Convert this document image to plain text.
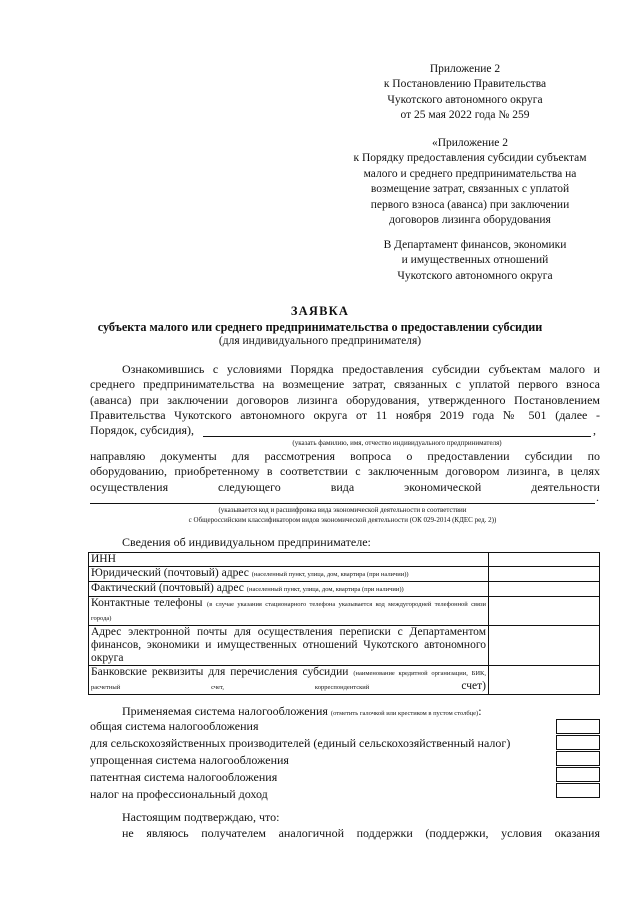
Приложение 2
к Постановлению Правительства
Чукотского автономного округа
от 25 мая 2022 года № 259
«Приложение 2
к Порядку предоставления субсидии субъектам
малого и среднего предпринимательства на
возмещение затрат, связанных с уплатой
первого взноса (аванса) при заключении
договоров лизинга оборудования
В Департамент финансов, экономики
и имущественных отношений
Чукотского автономного округа
ЗАЯВКА
субъекта малого или среднего предпринимательства о предоставлении субсидии
(для индивидуального предпринимателя)
Ознакомившись с условиями Порядка предоставления субсидии субъектам малого и
среднего предпринимательства на возмещение затрат, связанных с уплатой первого взноса
(аванса) при заключении договоров лизинга оборудования, утвержденного Постановлением
Правительства Чукотского автономного округа от 11 ноября 2019 года № 501 (далее -
Порядок, субсидия),	,
(указать фамилию, имя, отчество индивидуального предпринимателя)
направляю документы для рассмотрения вопроса о предоставлении субсидии по
оборудованию, приобретенному в соответствии с заключенным договором лизинга, в целях
осуществления	следующего	вида	экономической	деятельности
.
(указывается код и расшифровка вида экономической деятельности в соответствии
с Общероссийским классификатором видов экономической деятельности (ОК 029-2014 (КДЕС ред. 2))
Сведения об индивидуальном предпринимателе:
ИНН	
Юридический (почтовый) адрес (населенный пункт, улица, дом, квартира (при наличии))	
Фактический (почтовый) адрес (населенный пункт, улица, дом, квартира (при наличии))	
Контактные телефоны (в случае указания стационарного телефона указывается код междугородней телефонной связи города)	
Адрес электронной почты для осуществления переписки с Департаментом финансов, экономики и имущественных отношений Чукотского автономного округа	
Банковские реквизиты для перечисления субсидии (наименование кредитной организации, БИК, расчетный счет, корреспондентский счет)	
Применяемая система налогообложения (отметить галочкой или крестиком в пустом столбце):
общая система налогообложения
для сельскохозяйственных производителей (единый сельскохозяйственный налог)
упрощенная система налогообложения
патентная система налогообложения
налог на профессиональный доход
Настоящим подтверждаю, что:
не являюсь получателем аналогичной поддержки (поддержки, условия оказания
